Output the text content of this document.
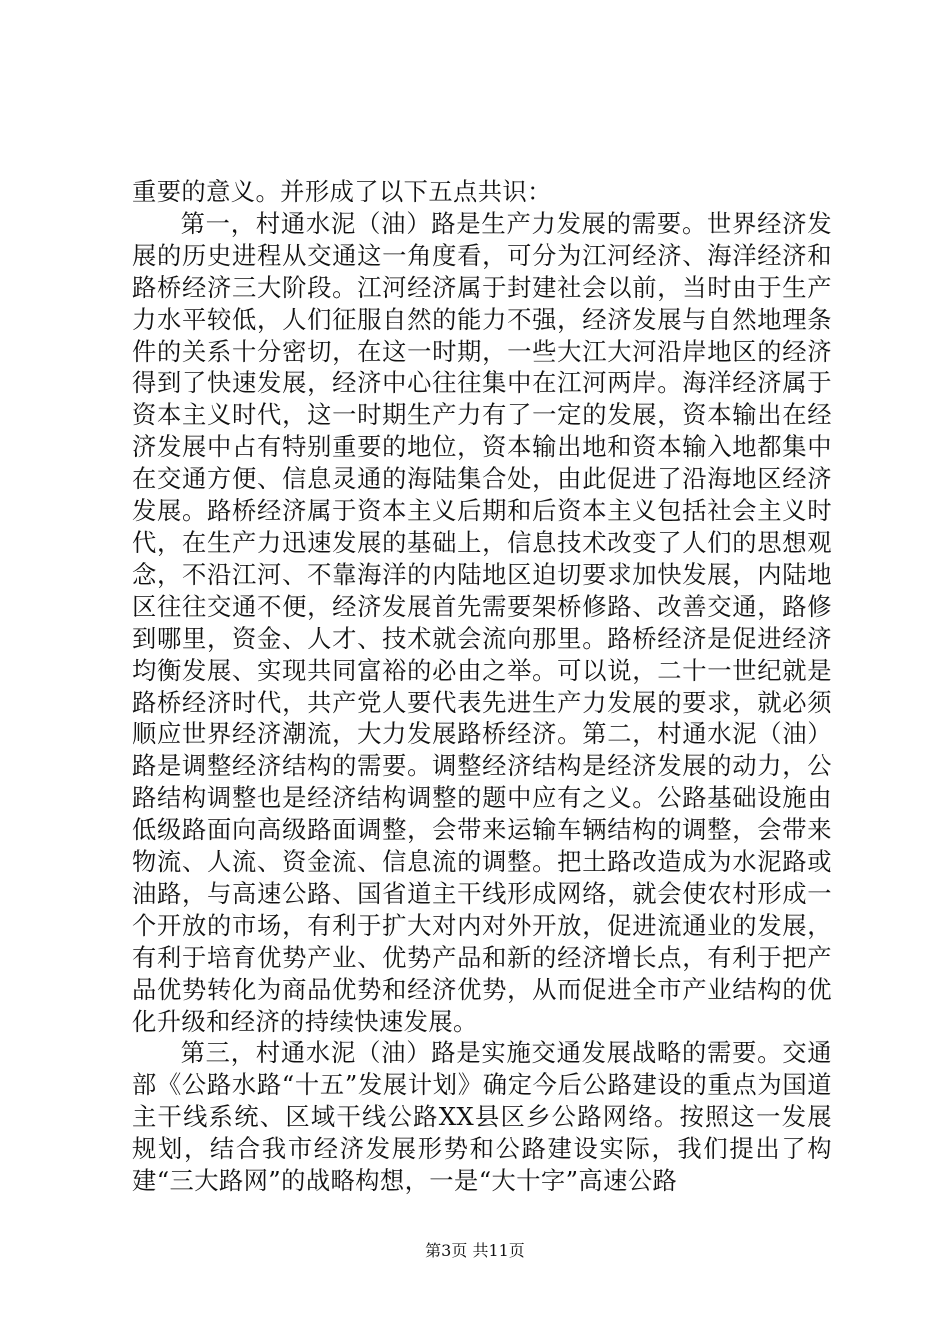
重要的意义。并形成了以下五点共识：

第一，村通水泥（油）路是生产力发展的需要。世界经济发展的历史进程从交通这一角度看，可分为江河经济、海洋经济和路桥经济三大阶段。江河经济属于封建社会以前，当时由于生产力水平较低，人们征服自然的能力不强，经济发展与自然地理条件的关系十分密切，在这一时期，一些大江大河沿岸地区的经济得到了快速发展，经济中心往往集中在江河两岸。海洋经济属于资本主义时代，这一时期生产力有了一定的发展，资本输出在经济发展中占有特别重要的地位，资本输出地和资本输入地都集中在交通方便、信息灵通的海陆集合处，由此促进了沿海地区经济发展。路桥经济属于资本主义后期和后资本主义包括社会主义时代，在生产力迅速发展的基础上，信息技术改变了人们的思想观念，不沿江河、不靠海洋的内陆地区迫切要求加快发展，内陆地区往往交通不便，经济发展首先需要架桥修路、改善交通，路修到哪里，资金、人才、技术就会流向那里。路桥经济是促进经济均衡发展、实现共同富裕的必由之举。可以说，二十一世纪就是路桥经济时代，共产党人要代表先进生产力发展的要求，就必须顺应世界经济潮流，大力发展路桥经济。第二，村通水泥（油）路是调整经济结构的需要。调整经济结构是经济发展的动力，公路结构调整也是经济结构调整的题中应有之义。公路基础设施由低级路面向高级路面调整，会带来运输车辆结构的调整，会带来物流、人流、资金流、信息流的调整。把土路改造成为水泥路或油路，与高速公路、国省道主干线形成网络，就会使农村形成一个开放的市场，有利于扩大对内对外开放，促进流通业的发展，有利于培育优势产业、优势产品和新的经济增长点，有利于把产品优势转化为商品优势和经济优势，从而促进全市产业结构的优化升级和经济的持续快速发展。

第三，村通水泥（油）路是实施交通发展战略的需要。交通部《公路水路“十五”发展计划》确定今后公路建设的重点为国道主干线系统、区域干线公路XX县区乡公路网络。按照这一发展规划，结合我市经济发展形势和公路建设实际，我们提出了构建“三大路网”的战略构想，一是“大十字”高速公路

第3页 共11页
